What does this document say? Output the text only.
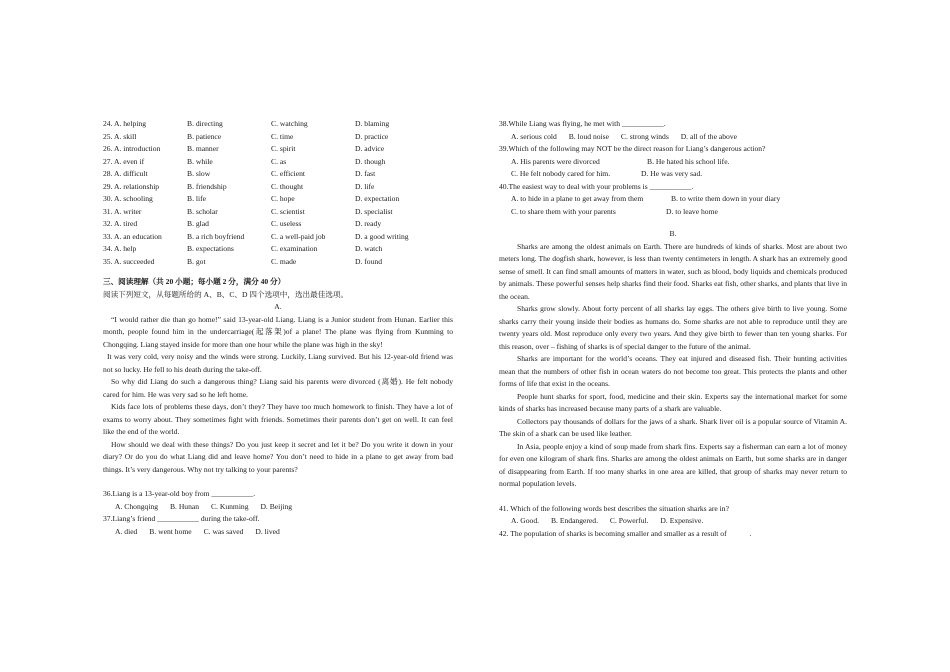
24. A. helping	B. directing	C. watching	D. blaming
25. A. skill	B. patience	C. time	D. practice
26. A. introduction	B. manner	C. spirit	D. advice
27. A. even if	B. while	C. as	D. though
28. A. difficult	B. slow	C. efficient	D. fast
29. A. relationship	B. friendship	C. thought	D. life
30. A. schooling	B. life	C. hope	D. expectation
31. A. writer	B. scholar	C. scientist	D. specialist
32. A. tired	B. glad	C. useless	D. ready
33. A. an education	B. a rich boyfriend	C. a well-paid job	D. a good writing
34. A. help	B. expectations	C. examination	D. watch
35. A. succeeded	B. got	C. made	D. found
三、阅读理解（共 20 小题；每小题 2 分，满分 40 分）
阅读下列短文，从每题所给的 A、B、C、D 四个选项中，选出最佳选项。
A.

“I would rather die than go home!” said 13-year-old Liang. Liang is a Junior student from Hunan. Earlier this month, people found him in the undercarriage(起落架)of a plane! The plane was flying from Kunming to Chongqing. Liang stayed inside for more than one hour while the plane was high in the sky!

It was very cold, very noisy and the winds were strong. Luckily, Liang survived. But his 12-year-old friend was not so lucky. He fell to his death during the take-off.

So why did Liang do such a dangerous thing? Liang said his parents were divorced (离婚). He felt nobody cared for him. He was very sad so he left home.

Kids face lots of problems these days, don’t they? They have too much homework to finish. They have a lot of exams to worry about. They sometimes fight with friends. Sometimes their parents don’t get on well. It can feel like the end of the world.

How should we deal with these things? Do you just keep it secret and let it be? Do you write it down in your diary? Or do you do what Liang did and leave home? You don’t need to hide in a plane to get away from bad things. It’s very dangerous. Why not try talking to your parents?

36.Liang is a 13-year-old boy from ___________.

A. Chongqing B. Hunan C. Kunming D. Beijing

37.Liang’s friend ___________ during the take-off.

A. died B. went home C. was saved D. lived

38.While Liang was flying, he met with ___________.

A. serious cold B. loud noise C. strong winds D. all of the above

39.Which of the following may NOT be the direct reason for Liang’s dangerous action?

A. His parents were divorced	B. He hated his school life.
C. He felt nobody cared for him.	D. He was very sad.

40.The easiest way to deal with your problems is ___________.

A. to hide in a plane to get away from them	B. to write them down in your diary
C. to share them with your parents	D. to leave home
B.

Sharks are among the oldest animals on Earth. There are hundreds of kinds of sharks. Most are about two meters long. The dogfish shark, however, is less than twenty centimeters in length. A shark has an extremely good sense of smell. It can find small amounts of matters in water, such as blood, body liquids and chemicals produced by animals. These powerful senses help sharks find their food. Sharks eat fish, other sharks, and plants that live in the ocean.

Sharks grow slowly. About forty percent of all sharks lay eggs. The others give birth to live young. Some sharks carry their young inside their bodies as humans do. Some sharks are not able to reproduce until they are twenty years old. Most reproduce only every two years. And they give birth to fewer than ten young sharks. For this reason, over – fishing of sharks is of special danger to the future of the animal.

Sharks are important for the world’s oceans. They eat injured and diseased fish. Their hunting activities mean that the numbers of other fish in ocean waters do not become too great. This protects the plants and other forms of life that exist in the oceans.

People hunt sharks for sport, food, medicine and their skin. Experts say the international market for some kinds of sharks has increased because many parts of a shark are valuable.

Collectors pay thousands of dollars for the jaws of a shark. Shark liver oil is a popular source of Vitamin A. The skin of a shark can be used like leather.

In Asia, people enjoy a kind of soup made from shark fins. Experts say a fisherman can earn a lot of money for even one kilogram of shark fins. Sharks are among the oldest animals on Earth, but some sharks are in danger of disappearing from Earth. If too many sharks in one area are killed, that group of sharks may never return to normal population levels.

41. Which of the following words best describes the situation sharks are in?

A. Good. B. Endangered. C. Powerful. D. Expensive.

42. The population of sharks is becoming smaller and smaller as a result of            .
